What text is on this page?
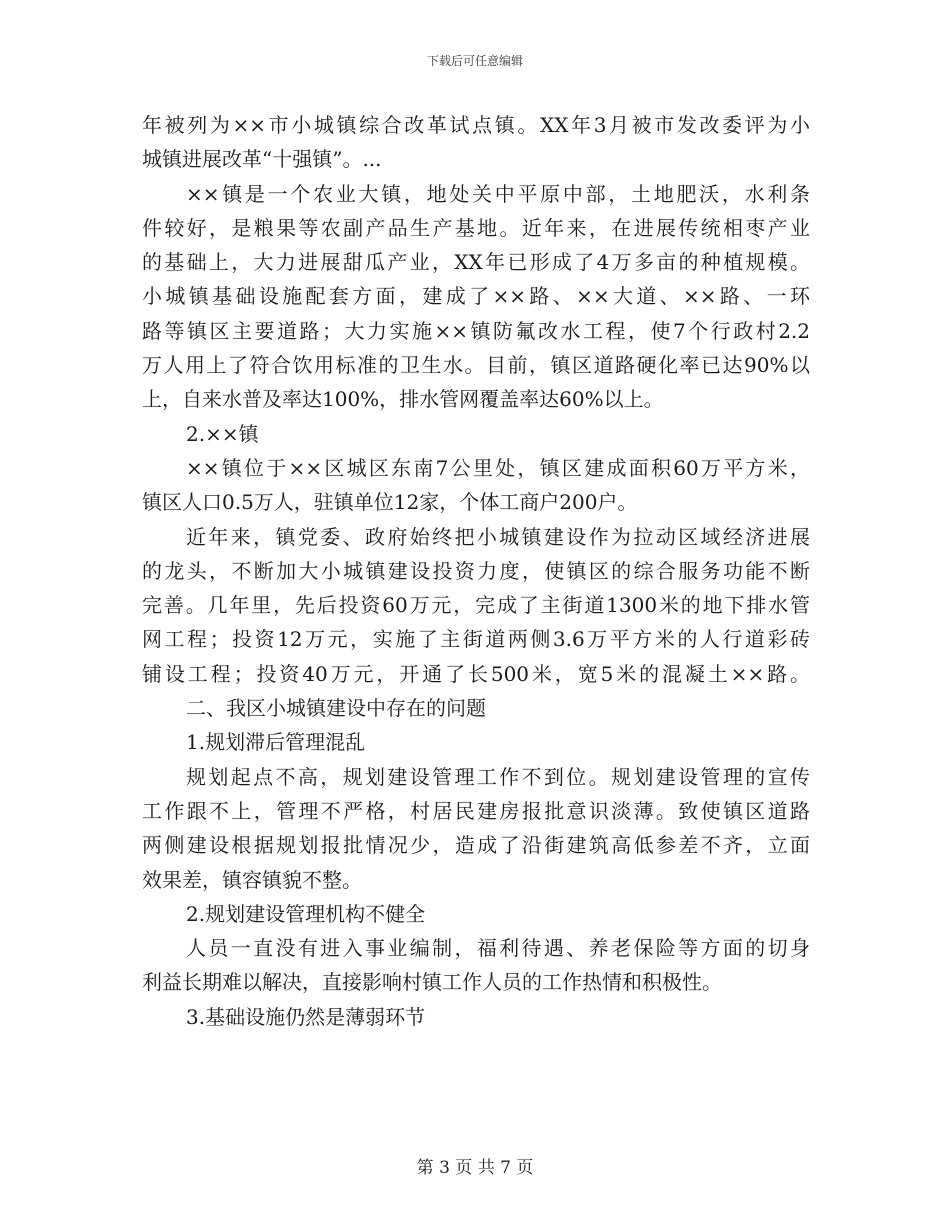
下载后可任意编辑
年被列为××市小城镇综合改革试点镇。XX年3月被市发改委评为小
城镇进展改革“十强镇”。...
××镇是一个农业大镇，地处关中平原中部，土地肥沃，水利条
件较好，是粮果等农副产品生产基地。近年来，在进展传统相枣产业
的基础上，大力进展甜瓜产业，XX年已形成了4万多亩的种植规模。
小城镇基础设施配套方面，建成了××路、××大道、××路、一环
路等镇区主要道路；大力实施××镇防氟改水工程，使7个行政村2.2
万人用上了符合饮用标准的卫生水。目前，镇区道路硬化率已达90%以
上，自来水普及率达100%，排水管网覆盖率达60%以上。
2.××镇
××镇位于××区城区东南7公里处，镇区建成面积60万平方米，
镇区人口0.5万人，驻镇单位12家，个体工商户200户。
近年来，镇党委、政府始终把小城镇建设作为拉动区域经济进展
的龙头，不断加大小城镇建设投资力度，使镇区的综合服务功能不断
完善。几年里，先后投资60万元，完成了主街道1300米的地下排水管
网工程；投资12万元，实施了主街道两侧3.6万平方米的人行道彩砖
铺设工程；投资40万元，开通了长500米，宽5米的混凝土××路。
二、我区小城镇建设中存在的问题
1.规划滞后管理混乱
规划起点不高，规划建设管理工作不到位。规划建设管理的宣传
工作跟不上，管理不严格，村居民建房报批意识淡薄。致使镇区道路
两侧建设根据规划报批情况少，造成了沿街建筑高低参差不齐，立面
效果差，镇容镇貌不整。
2.规划建设管理机构不健全
人员一直没有进入事业编制，福利待遇、养老保险等方面的切身
利益长期难以解决，直接影响村镇工作人员的工作热情和积极性。
3.基础设施仍然是薄弱环节
第 3 页 共 7 页
